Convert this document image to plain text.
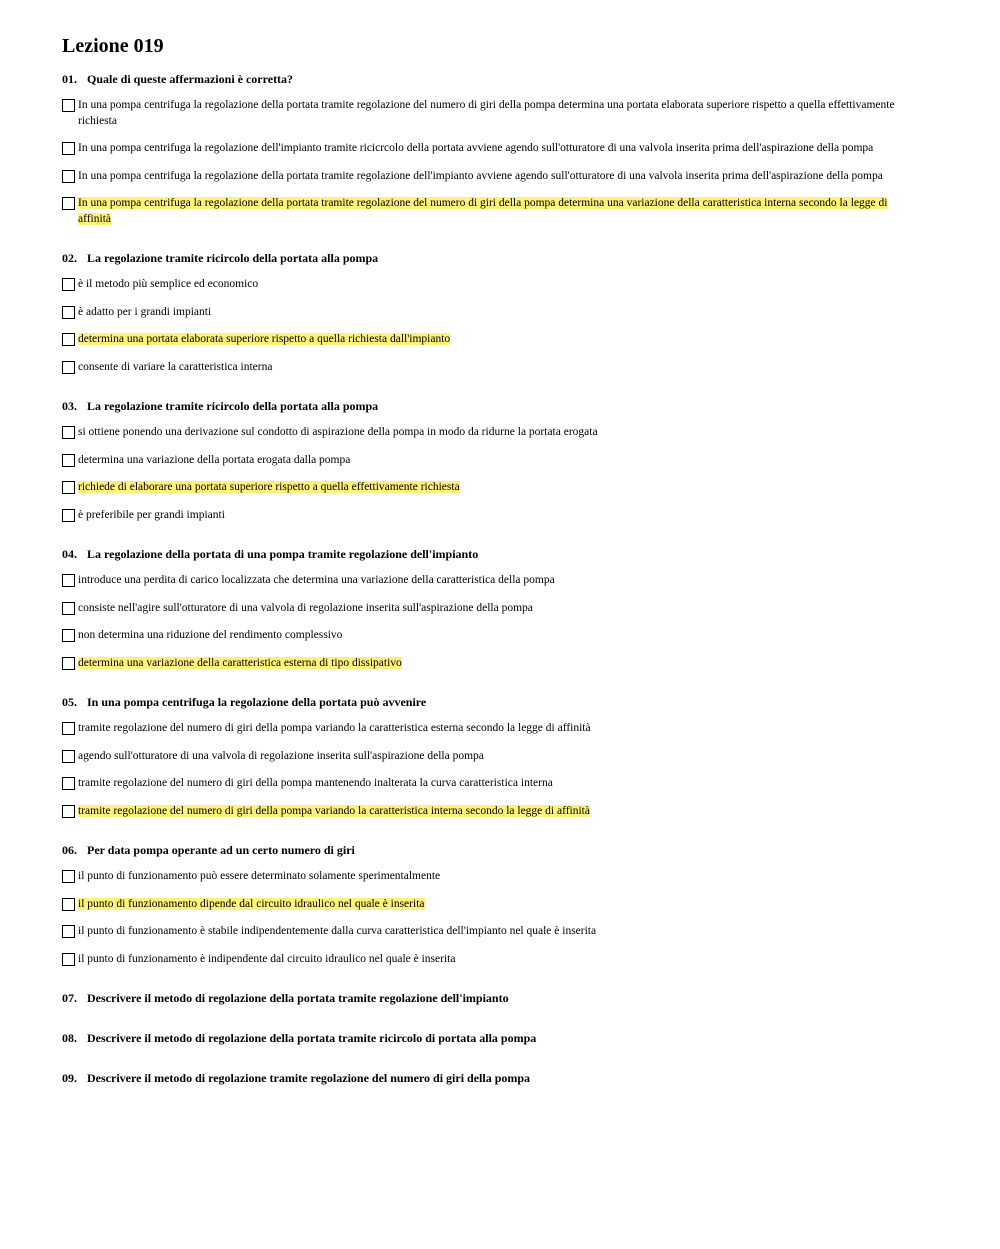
Lezione 019
01. Quale di queste affermazioni è corretta?
In una pompa centrifuga la regolazione della portata tramite regolazione del numero di giri della pompa determina una portata elaborata superiore rispetto a quella effettivamente richiesta
In una pompa centrifuga la regolazione dell'impianto tramite ricicrcolo della portata avviene agendo sull'otturatore di una valvola inserita prima dell'aspirazione della pompa
In una pompa centrifuga la regolazione della portata tramite regolazione dell'impianto avviene agendo sull'otturatore di una valvola inserita prima dell'aspirazione della pompa
In una pompa centrifuga la regolazione della portata tramite regolazione del numero di giri della pompa determina una variazione della caratteristica interna secondo la legge di affinità
02. La regolazione tramite ricircolo della portata alla pompa
è il metodo più semplice ed economico
è adatto per i grandi impianti
determina una portata elaborata superiore rispetto a quella richiesta dall'impianto
consente di variare la caratteristica interna
03. La regolazione tramite ricircolo della portata alla pompa
si ottiene ponendo una derivazione sul condotto di aspirazione della pompa in modo da ridurne la portata erogata
determina una variazione della portata erogata dalla pompa
richiede di elaborare una portata superiore rispetto a quella effettivamente richiesta
è preferibile per grandi impianti
04. La regolazione della portata di una pompa tramite regolazione dell'impianto
introduce una perdita di carico localizzata che determina una variazione della caratteristica della pompa
consiste nell'agire sull'otturatore di una valvola di regolazione inserita sull'aspirazione della pompa
non determina una riduzione del rendimento complessivo
determina una variazione della caratteristica esterna di tipo dissipativo
05. In una pompa centrifuga la regolazione della portata può avvenire
tramite regolazione del numero di giri della pompa variando la caratteristica esterna secondo la legge di affinità
agendo sull'otturatore di una valvola di regolazione inserita sull'aspirazione della pompa
tramite regolazione del numero di giri della pompa mantenendo inalterata la curva caratteristica interna
tramite regolazione del numero di giri della pompa variando la caratteristica interna secondo la legge di affinità
06. Per data pompa operante ad un certo numero di giri
il punto di funzionamento può essere determinato solamente sperimentalmente
il punto di funzionamento dipende dal circuito idraulico nel quale è inserita
il punto di funzionamento è stabile indipendentemente dalla curva caratteristica dell'impianto nel quale è inserita
il punto di funzionamento è indipendente dal circuito idraulico nel quale è inserita
07. Descrivere il metodo di regolazione della portata tramite regolazione dell'impianto
08. Descrivere il metodo di regolazione della portata tramite ricircolo di portata alla pompa
09. Descrivere il metodo di regolazione tramite regolazione del numero di giri della pompa
